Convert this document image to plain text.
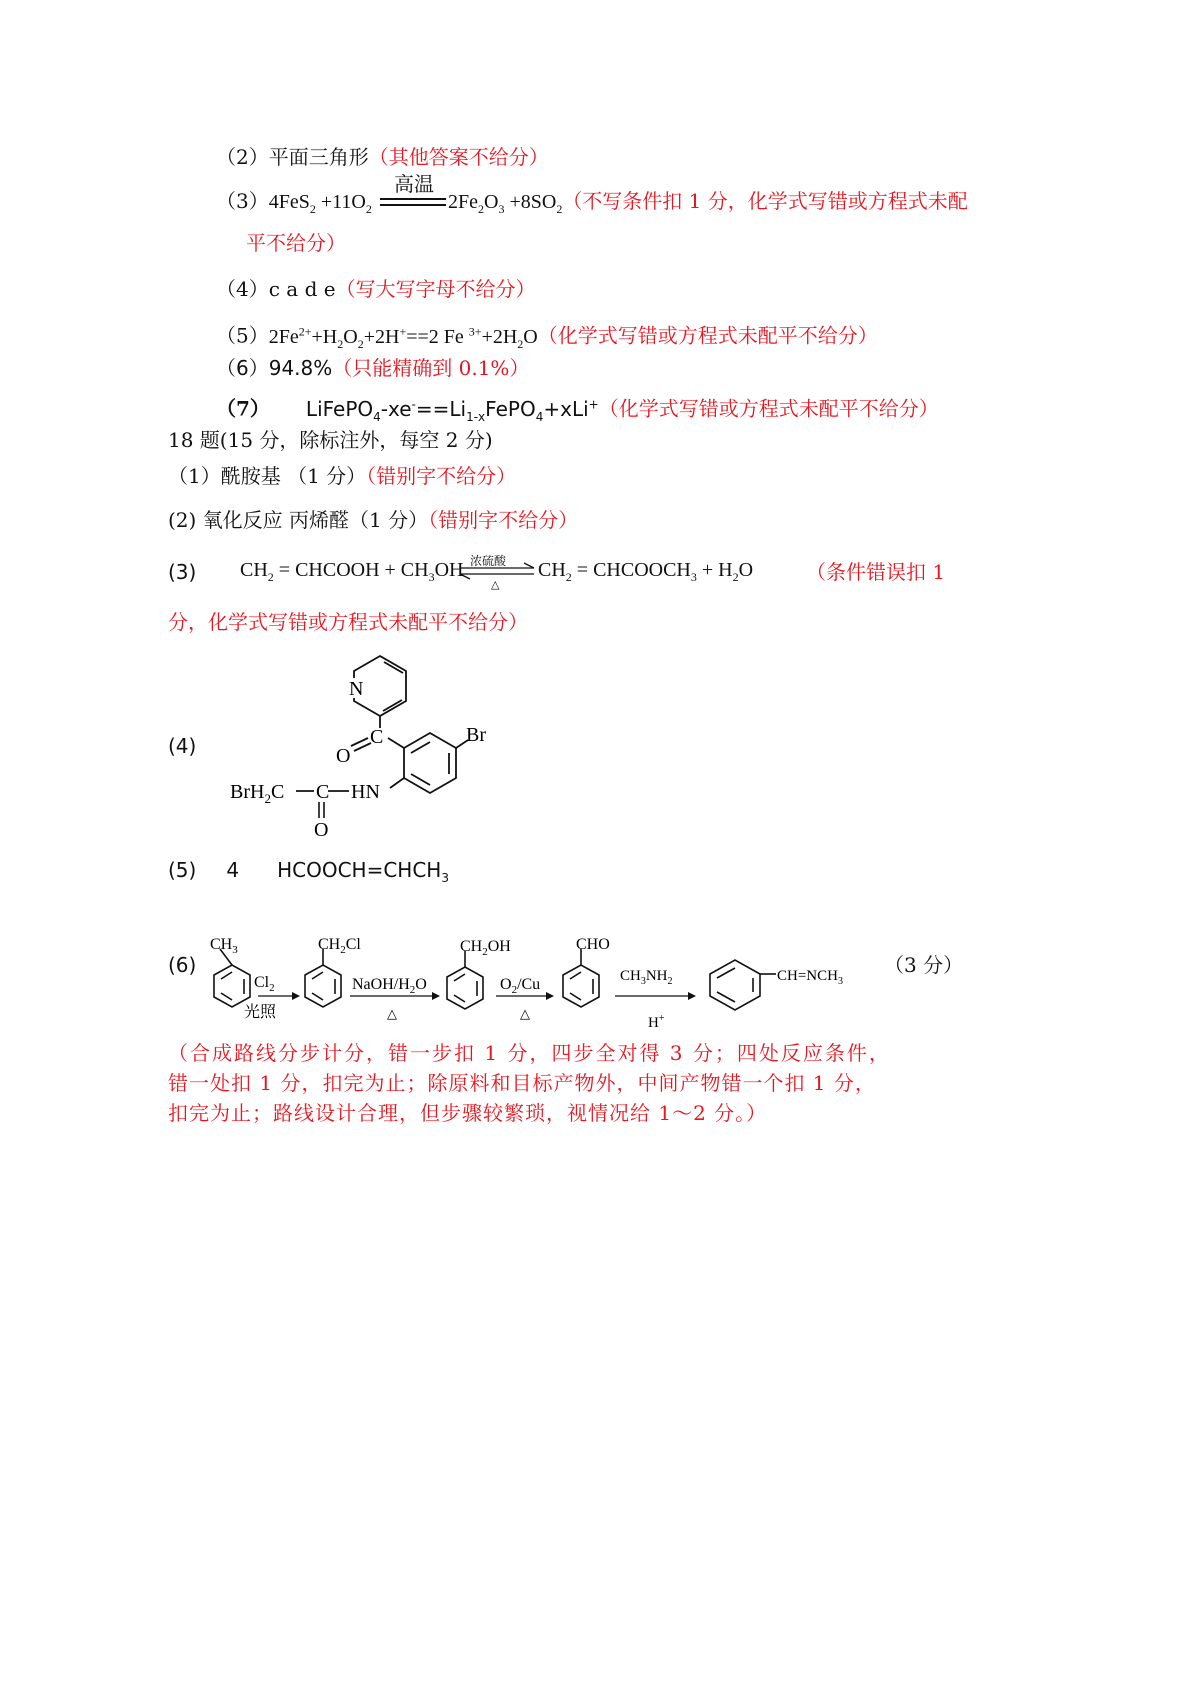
（2）平面三角形（其他答案不给分）
高温
$(3)4FeS_2 +11O_2$	$2Fe_2O_3 +8SO_2$（不写条件扣 1 分，化学式写错或方程式未配
平不给分）
（4）c a d e（写大写字母不给分）
$(5)2Fe^{2+}+H_2O_2+2H^+==2$ Fe $^{3+}+2H_2O$（化学式写错或方程式未配平不给分）
（6）94.8%（只能精确到 0.1%）
（7） $LiFePO_4-xe^-==Li_{1-x}FePO_4+xLi^+$（化学式写错或方程式未配平不给分）
18 题(15 分，除标注外，每空 2 分)
（1）酰胺基 （1 分）（错别字不给分）
(2) 氧化反应 丙烯醛（1 分）（错别字不给分）
(3) $CH_2$ = CHCOOH + $CH_3OH$ 浓硫酸
△
$CH_2$ = $CHCOOCH_3 + H_2O$	（条件错误扣 1
分，化学式写错或方程式未配平不给分）
(4)
N
C
O
Br
HN
C
O
BrH$_2$C
(5) 4 $HCOOCH=CHCH_3$
(6)
$CH_3$
$Cl_2$
光照
$CH_2Cl$
NaOH/$H_2O$
△
$CH_2OH$
$O_2/Cu$
△
CHO
$CH_3NH_2$
H+
$CH=NCH_3$
（3 分）
（合成路线分步计分，错一步扣 1 分，四步全对得 3 分；四处反应条件，
错一处扣 1 分，扣完为止；除原料和目标产物外，中间产物错一个扣 1 分，
扣完为止；路线设计合理，但步骤较繁琐，视情况给 1～2 分。）
